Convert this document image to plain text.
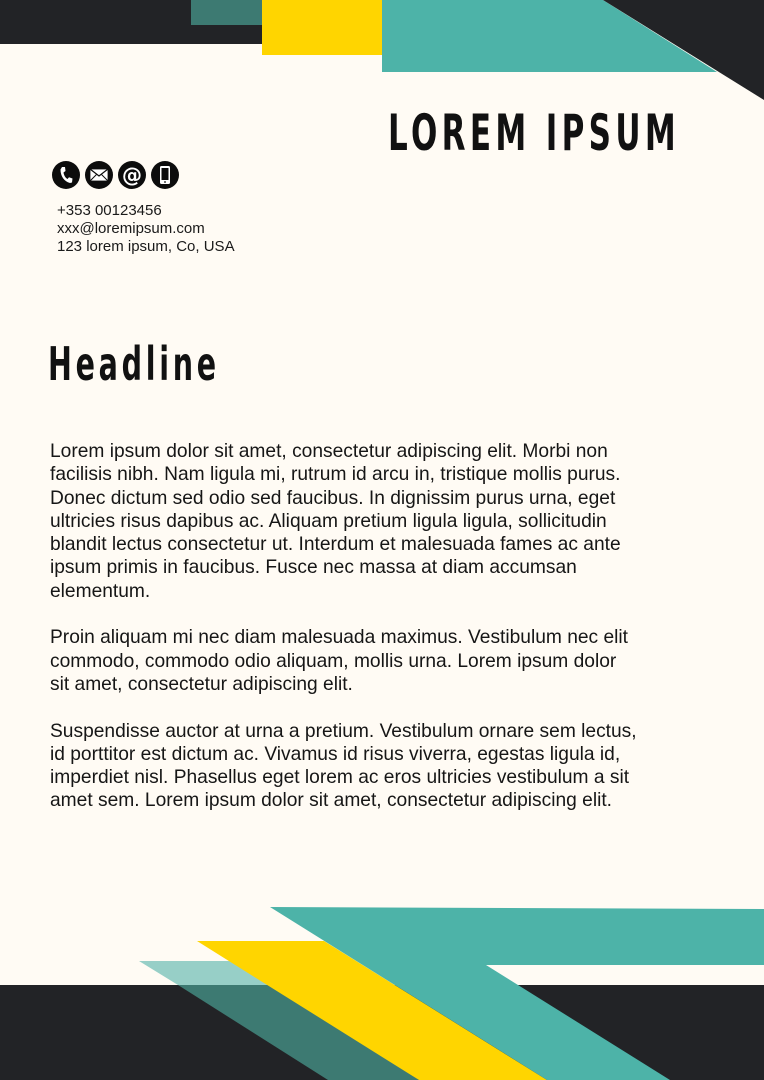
LOREM IPSUM
@
+353 00123456
xxx@loremipsum.com
123 lorem ipsum, Co, USA
Headline

Lorem ipsum dolor sit amet, consectetur adipiscing elit. Morbi non facilisis nibh. Nam ligula mi, rutrum id arcu in, tristique mollis purus. Donec dictum sed odio sed faucibus. In dignissim purus urna, eget ultricies risus dapibus ac. Aliquam pretium ligula ligula, sollicitudin blandit lectus consectetur ut. Interdum et malesuada fames ac ante ipsum primis in faucibus. Fusce nec massa at diam accumsan elementum.

Proin aliquam mi nec diam malesuada maximus. Vestibulum nec elit commodo, commodo odio aliquam, mollis urna. Lorem ipsum dolor sit amet, consectetur adipiscing elit.

Suspendisse auctor at urna a pretium. Vestibulum ornare sem lectus, id porttitor est dictum ac. Vivamus id risus viverra, egestas ligula id, imperdiet nisl. Phasellus eget lorem ac eros ultricies vestibulum a sit amet sem. Lorem ipsum dolor sit amet, consectetur adipiscing elit.
